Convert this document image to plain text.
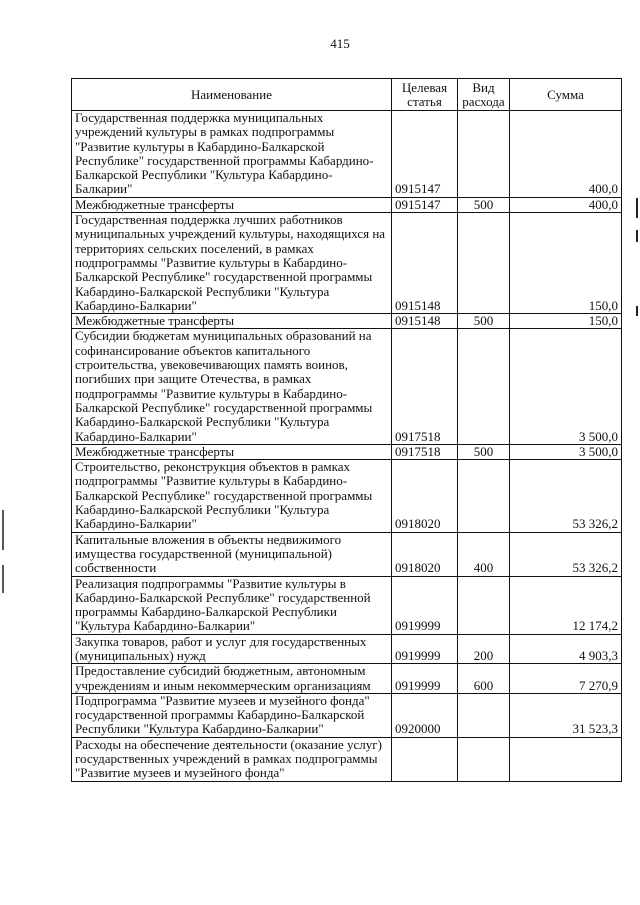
415
Наименование	Целевая статья	Вид расхода	Сумма
Государственная поддержка муниципальных учреждений культуры в рамках подпрограммы "Развитие культуры в Кабардино-Балкарской Республике" государственной программы Кабардино-Балкарской Республики "Культура Кабардино-Балкарии"	0915147		400,0
Межбюджетные трансферты	0915147	500	400,0
Государственная поддержка лучших работников муниципальных учреждений культуры, находящихся на территориях сельских поселений, в рамках подпрограммы "Развитие культуры в Кабардино-Балкарской Республике" государственной программы Кабардино-Балкарской Республики "Культура Кабардино-Балкарии"	0915148		150,0
Межбюджетные трансферты	0915148	500	150,0
Субсидии бюджетам муниципальных образований на софинансирование объектов капитального строительства, увековечивающих память воинов, погибших при защите Отечества, в рамках подпрограммы "Развитие культуры в Кабардино-Балкарской Республике" государственной программы Кабардино-Балкарской Республики "Культура Кабардино-Балкарии"	0917518		3 500,0
Межбюджетные трансферты	0917518	500	3 500,0
Строительство, реконструкция объектов в рамках подпрограммы "Развитие культуры в Кабардино-Балкарской Республике" государственной программы Кабардино-Балкарской Республики "Культура Кабардино-Балкарии"	0918020		53 326,2
Капитальные вложения в объекты недвижимого имущества государственной (муниципальной) собственности	0918020	400	53 326,2
Реализация подпрограммы "Развитие культуры в Кабардино-Балкарской Республике" государственной программы Кабардино-Балкарской Республики "Культура Кабардино-Балкарии"	0919999		12 174,2
Закупка товаров, работ и услуг для государственных (муниципальных) нужд	0919999	200	4 903,3
Предоставление субсидий бюджетным, автономным учреждениям и иным некоммерческим организациям	0919999	600	7 270,9
Подпрограмма "Развитие музеев и музейного фонда" государственной программы Кабардино-Балкарской Республики "Культура Кабардино-Балкарии"	0920000		31 523,3
Расходы на обеспечение деятельности (оказание услуг) государственных учреждений в рамках подпрограммы "Развитие музеев и музейного фонда"			
